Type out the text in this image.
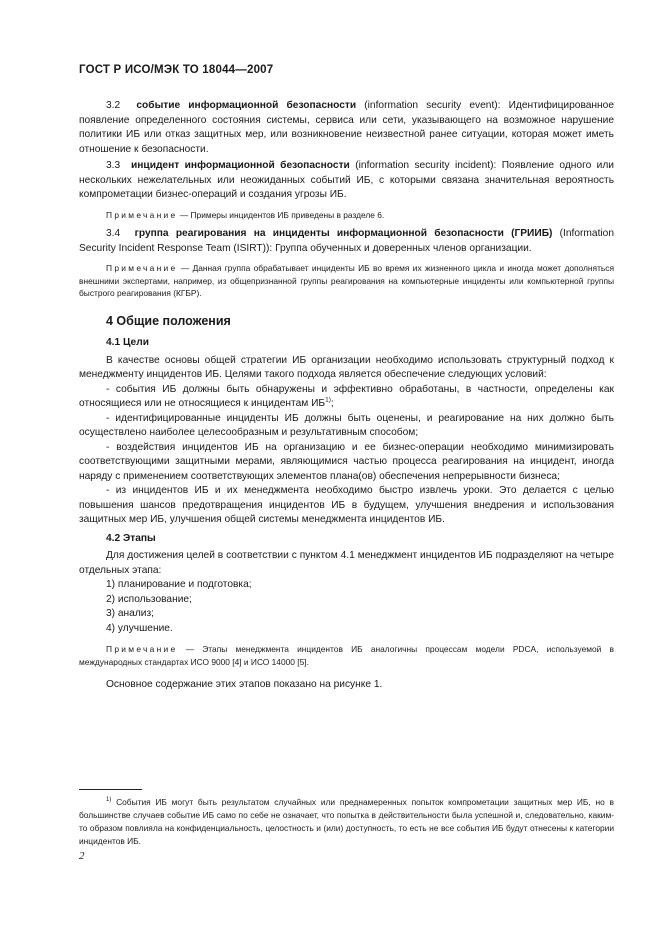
ГОСТ Р ИСО/МЭК ТО 18044—2007

3.2 событие информационной безопасности (information security event): Идентифицированное появление определенного состояния системы, сервиса или сети, указывающего на возможное нарушение политики ИБ или отказ защитных мер, или возникновение неизвестной ранее ситуации, которая может иметь отношение к безопасности.

3.3 инцидент информационной безопасности (information security incident): Появление одного или нескольких нежелательных или неожиданных событий ИБ, с которыми связана значительная вероятность компрометации бизнес-операций и создания угрозы ИБ.

Примечание — Примеры инцидентов ИБ приведены в разделе 6.

3.4 группа реагирования на инциденты информационной безопасности (ГРИИБ) (Information Security Incident Response Team (ISIRT)): Группа обученных и доверенных членов организации.

Примечание — Данная группа обрабатывает инциденты ИБ во время их жизненного цикла и иногда может дополняться внешними экспертами, например, из общепризнанной группы реагирования на компьютерные инциденты или компьютерной группы быстрого реагирования (КГБР).

4 Общие положения

4.1 Цели

В качестве основы общей стратегии ИБ организации необходимо использовать структурный подход к менеджменту инцидентов ИБ. Целями такого подхода является обеспечение следующих условий:

- события ИБ должны быть обнаружены и эффективно обработаны, в частности, определены как относящиеся или не относящиеся к инцидентам ИБ$^{1)}$;

- идентифицированные инциденты ИБ должны быть оценены, и реагирование на них должно быть осуществлено наиболее целесообразным и результативным способом;

- воздействия инцидентов ИБ на организацию и ее бизнес-операции необходимо минимизировать соответствующими защитными мерами, являющимися частью процесса реагирования на инцидент, иногда наряду с применением соответствующих элементов плана(ов) обеспечения непрерывности бизнеса;

- из инцидентов ИБ и их менеджмента необходимо быстро извлечь уроки. Это делается с целью повышения шансов предотвращения инцидентов ИБ в будущем, улучшения внедрения и использования защитных мер ИБ, улучшения общей системы менеджмента инцидентов ИБ.

4.2 Этапы

Для достижения целей в соответствии с пунктом 4.1 менеджмент инцидентов ИБ подразделяют на четыре отдельных этапа:

1) планирование и подготовка;

2) использование;

3) анализ;

4) улучшение.

Примечание — Этапы менеджмента инцидентов ИБ аналогичны процессам модели PDCA, используемой в международных стандартах ИСО 9000 [4] и ИСО 14000 [5].

Основное содержание этих этапов показано на рисунке 1.

$^{1)}$ События ИБ могут быть результатом случайных или преднамеренных попыток компрометации защитных мер ИБ, но в большинстве случаев событие ИБ само по себе не означает, что попытка в действительности была успешной и, следовательно, каким-то образом повлияла на конфиденциальность, целостность и (или) доступность, то есть не все события ИБ будут отнесены к категории инцидентов ИБ.
2
